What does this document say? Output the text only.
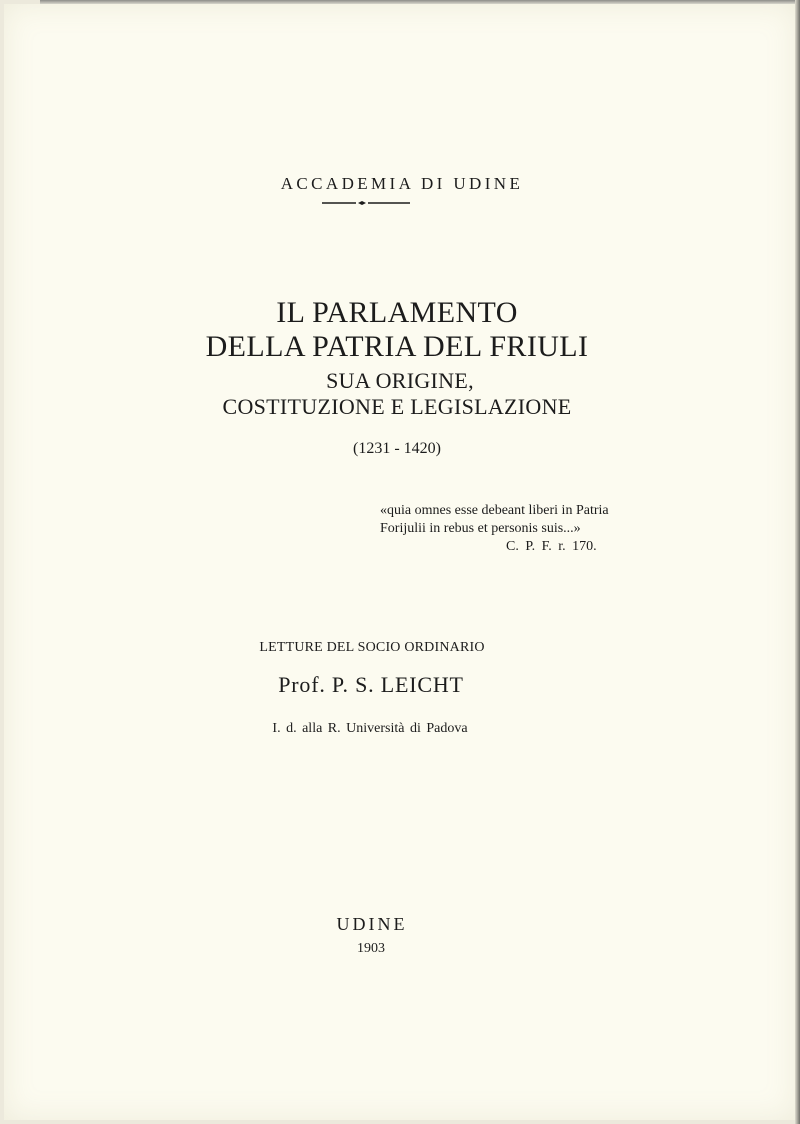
ACCADEMIA DI UDINE
IL PARLAMENTO
DELLA PATRIA DEL FRIULI
SUA ORIGINE,
COSTITUZIONE E LEGISLAZIONE
(1231 - 1420)
«quia omnes esse debeant liberi in Patria
Forijulii in rebus et personis suis...»
C. P. F. r. 170.
LETTURE DEL SOCIO ORDINARIO
Prof. P. S. LEICHT
I. d. alla R. Università di Padova
UDINE
1903
